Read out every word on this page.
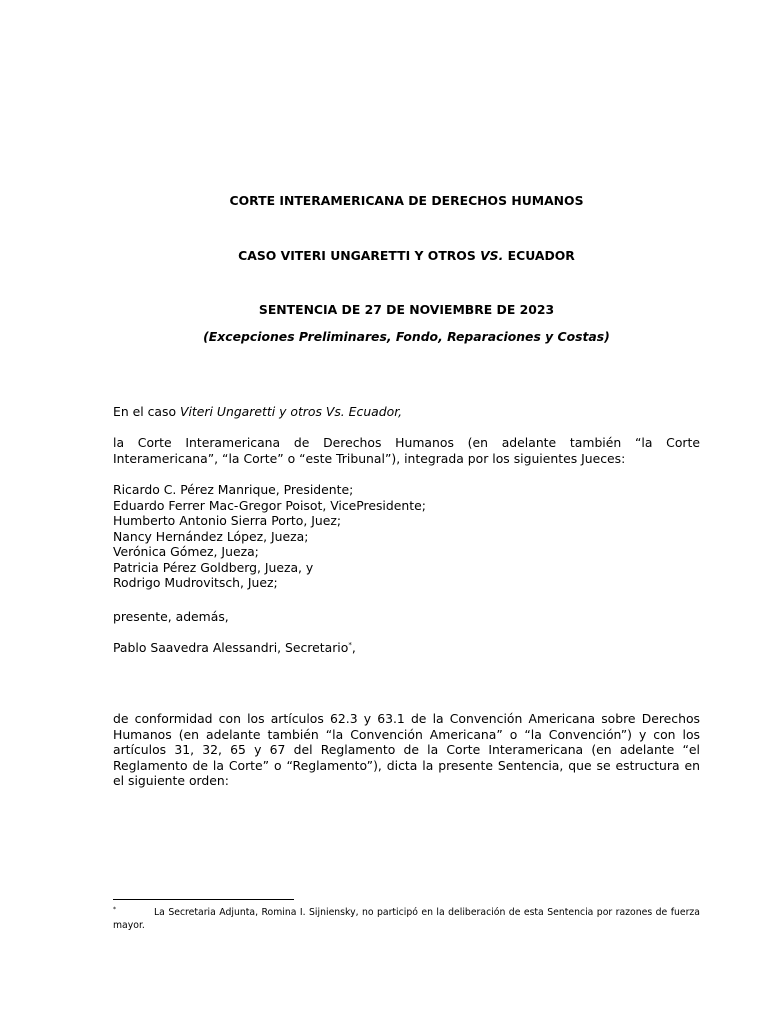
CORTE INTERAMERICANA DE DERECHOS HUMANOS

CASO VITERI UNGARETTI Y OTROS VS. ECUADOR

SENTENCIA DE 27 DE NOVIEMBRE DE 2023

(Excepciones Preliminares, Fondo, Reparaciones y Costas)

En el caso Viteri Ungaretti y otros Vs. Ecuador,

la Corte Interamericana de Derechos Humanos (en adelante también “la Corte Interamericana”, “la Corte” o “este Tribunal”), integrada por los siguientes Jueces:

Ricardo C. Pérez Manrique, Presidente;
Eduardo Ferrer Mac-Gregor Poisot, VicePresidente;
Humberto Antonio Sierra Porto, Juez;
Nancy Hernández López, Jueza;
Verónica Gómez, Jueza;
Patricia Pérez Goldberg, Jueza, y
Rodrigo Mudrovitsch, Juez;

presente, además,

Pablo Saavedra Alessandri, Secretario*,

de conformidad con los artículos 62.3 y 63.1 de la Convención Americana sobre Derechos Humanos (en adelante también “la Convención Americana” o “la Convención”) y con los artículos 31, 32, 65 y 67 del Reglamento de la Corte Interamericana (en adelante “el Reglamento de la Corte” o “Reglamento”), dicta la presente Sentencia, que se estructura en el siguiente orden:

*	La Secretaria Adjunta, Romina I. Sijniensky, no participó en la deliberación de esta Sentencia por razones de fuerza mayor.
